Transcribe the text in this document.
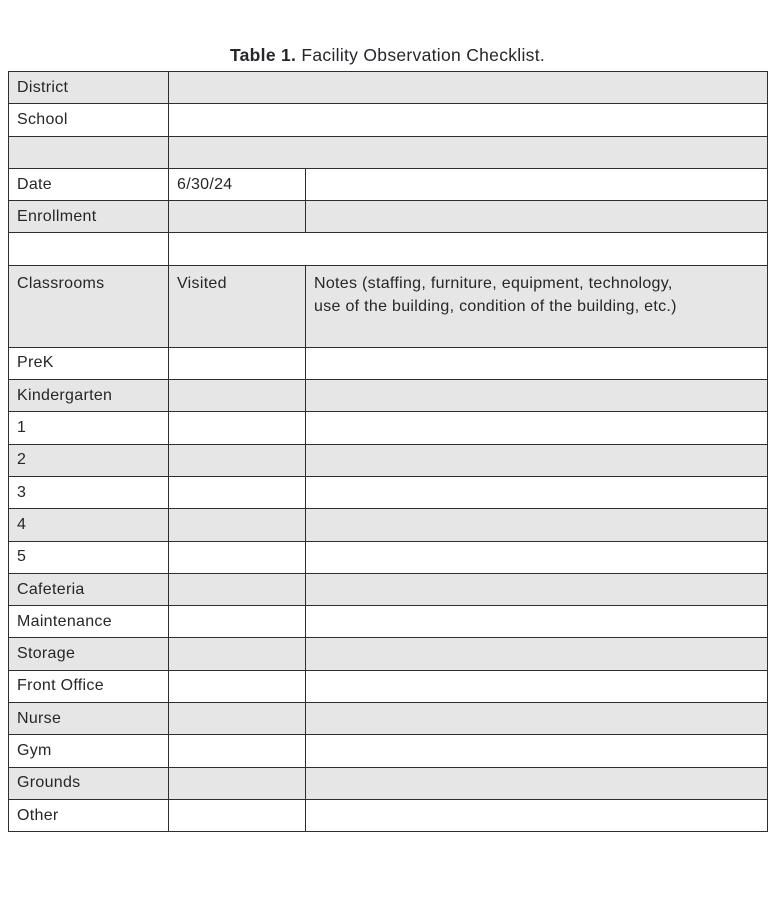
Table 1. Facility Observation Checklist.
District		
School		

Date	6/30/24	
Enrollment		

Classrooms	Visited	Notes (staffing, furniture, equipment, technology, use of the building, condition of the building, etc.)

PreK		
Kindergarten		
1		
2		
3		
4		
5		
Cafeteria		
Maintenance		
Storage		
Front Office		
Nurse		
Gym		
Grounds		
Other		
